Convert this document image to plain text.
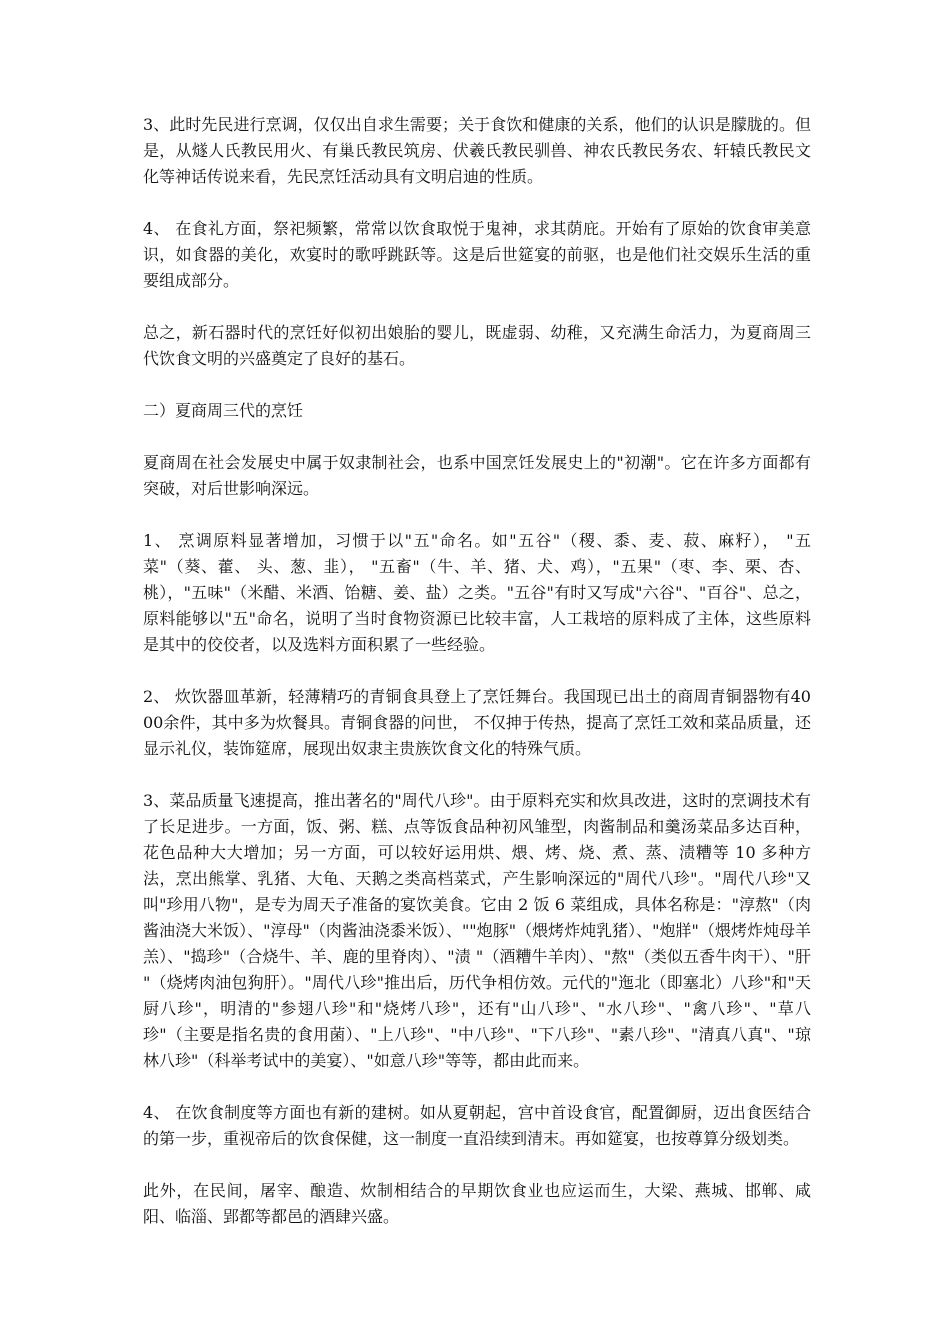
3、此时先民进行烹调，仅仅出自求生需要；关于食饮和健康的关系，他们的认识是朦胧的。但是，从燧人氏教民用火、有巢氏教民筑房、伏羲氏教民驯兽、神农氏教民务农、轩辕氏教民文化等神话传说来看，先民烹饪活动具有文明启迪的性质。

4、 在食礼方面，祭祀频繁，常常以饮食取悦于鬼神，求其荫庇。开始有了原始的饮食审美意识，如食器的美化，欢宴时的歌呼跳跃等。这是后世筵宴的前驱，也是他们社交娱乐生活的重要组成部分。

总之，新石器时代的烹饪好似初出娘胎的婴儿，既虚弱、幼稚，又充满生命活力，为夏商周三代饮食文明的兴盛奠定了良好的基石。

二）夏商周三代的烹饪

夏商周在社会发展史中属于奴隶制社会，也系中国烹饪发展史上的"初潮"。它在许多方面都有突破，对后世影响深远。

1、 烹调原料显著增加，习惯于以"五"命名。如"五谷"（稷、黍、麦、菽、麻籽）， "五菜"（葵、藿、 头、葱、韭）， "五畜"（牛、羊、猪、犬、鸡），"五果"（枣、李、栗、杏、桃），"五味"（米醋、米酒、饴糖、姜、盐）之类。"五谷"有时又写成"六谷"、"百谷"、总之，原料能够以"五"命名，说明了当时食物资源已比较丰富，人工栽培的原料成了主体，这些原料是其中的佼佼者，以及选料方面积累了一些经验。

2、 炊饮器皿革新，轻薄精巧的青铜食具登上了烹饪舞台。我国现已出土的商周青铜器物有4000余件，其中多为炊餐具。青铜食器的问世， 不仅抻于传热，提高了烹饪工效和菜品质量，还显示礼仪，装饰筵席，展现出奴隶主贵族饮食文化的特殊气质。

3、菜品质量飞速提高，推出著名的"周代八珍"。由于原料充实和炊具改进，这时的烹调技术有了长足进步。一方面，饭、粥、糕、点等饭食品种初风雏型，肉酱制品和羹汤菜品多达百种，花色品种大大增加；另一方面，可以较好运用烘、煨、烤、烧、煮、蒸、渍糟等 10 多种方法，烹出熊掌、乳猪、大龟、天鹅之类高档菜式，产生影响深远的"周代八珍"。"周代八珍"又叫"珍用八物"，是专为周天子准备的宴饮美食。它由 2 饭 6 菜组成，具体名称是："淳熬"（肉酱油浇大米饭）、"淳母"（肉酱油浇黍米饭）、""炮豚"（煨烤炸炖乳猪）、"炮牂"（煨烤炸炖母羊羔）、"捣珍"（合烧牛、羊、鹿的里脊肉）、"渍 "（酒糟牛羊肉）、"熬"（类似五香牛肉干）、"肝 "（烧烤肉油包狗肝）。"周代八珍"推出后，历代争相仿效。元代的"迤北（即塞北）八珍"和"天厨八珍"，明清的"参翅八珍"和"烧烤八珍"，还有"山八珍"、"水八珍"、"禽八珍"、"草八珍"（主要是指名贵的食用菌）、"上八珍"、"中八珍"、"下八珍"、"素八珍"、"清真八真"、"琼林八珍"（科举考试中的美宴）、"如意八珍"等等，都由此而来。

4、 在饮食制度等方面也有新的建树。如从夏朝起，宫中首设食官，配置御厨，迈出食医结合的第一步，重视帝后的饮食保健，这一制度一直沿续到清末。再如筵宴，也按尊算分级划类。

此外，在民间，屠宰、酿造、炊制相结合的早期饮食业也应运而生，大梁、燕城、邯郸、咸阳、临淄、郢都等都邑的酒肆兴盛。
